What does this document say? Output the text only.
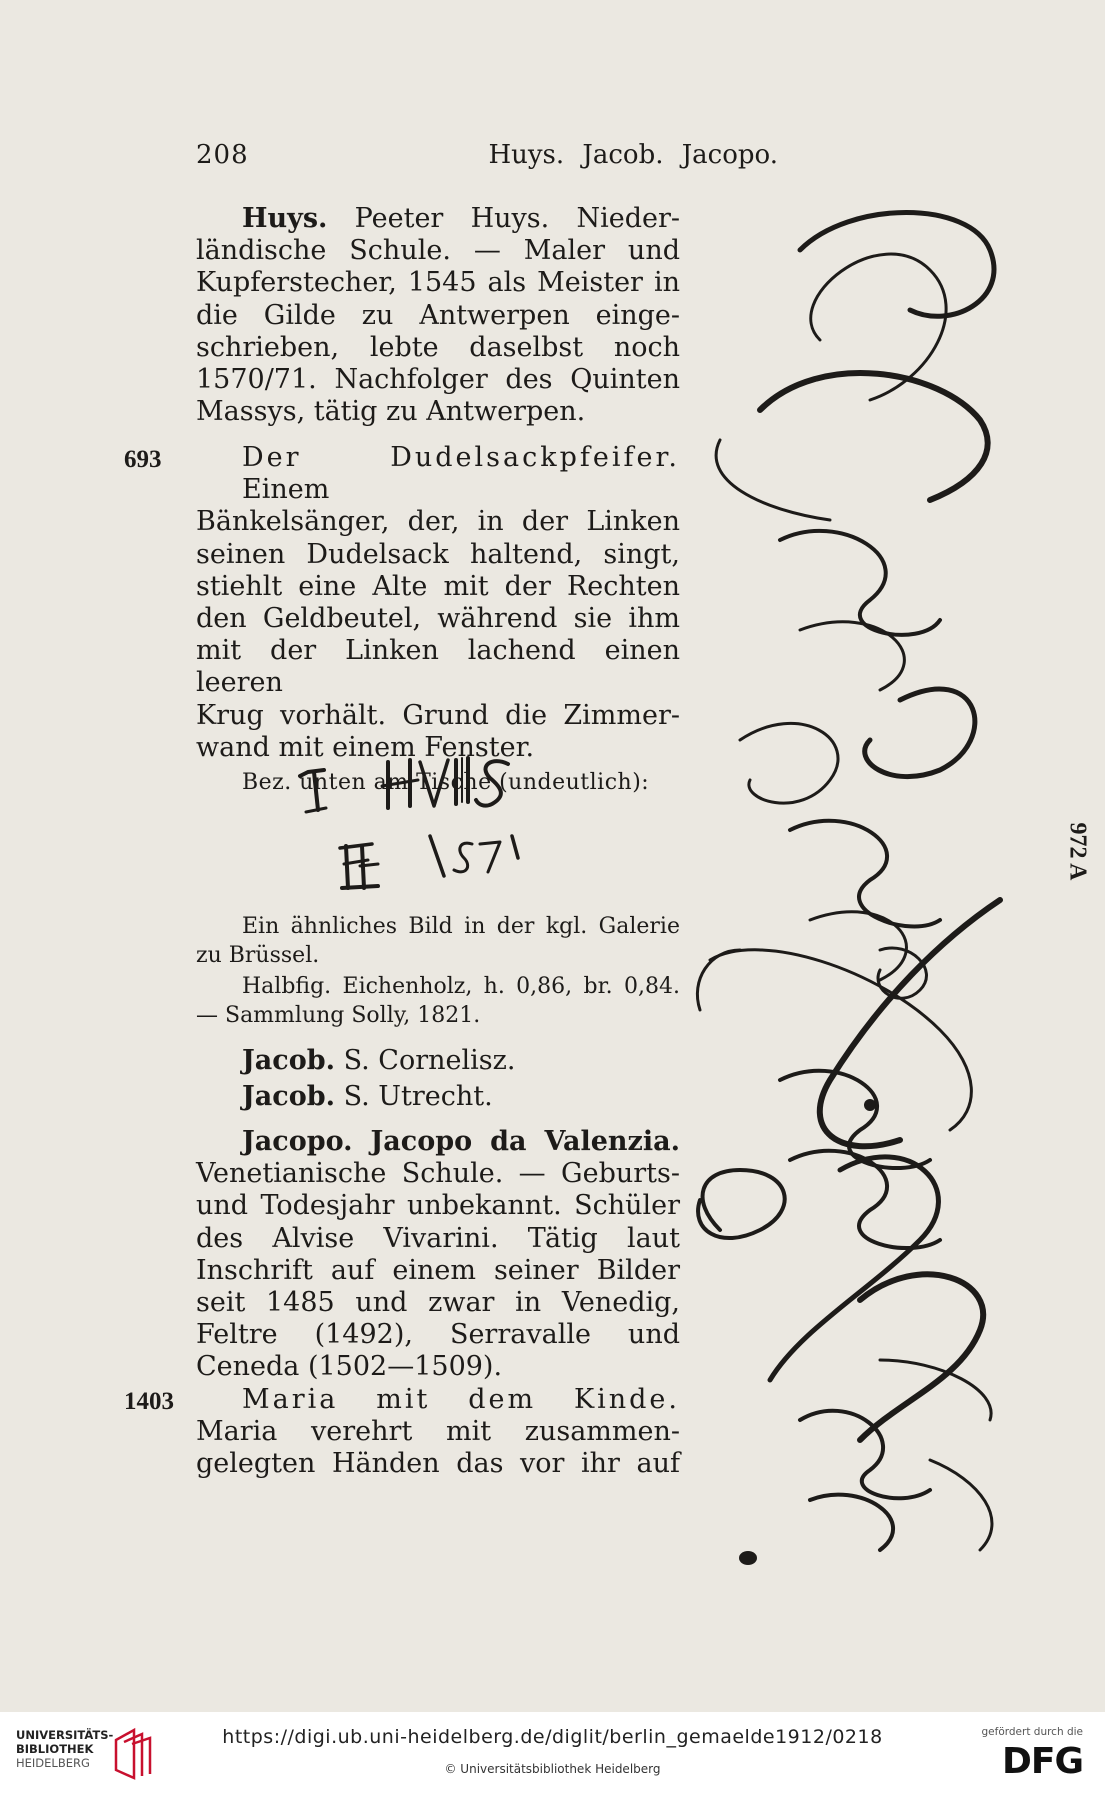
208	Huys. Jacob. Jacopo.

Huys. Peeter Huys. Nieder-

ländische Schule. — Maler und

Kupferstecher, 1545 als Meister in

die Gilde zu Antwerpen einge-

schrieben, lebte daselbst noch

1570/71. Nachfolger des Quinten

Massys, tätig zu Antwerpen.

693	Der Dudelsackpfeifer. Einem

Bänkelsänger, der, in der Linken

seinen Dudelsack haltend, singt,

stiehlt eine Alte mit der Rechten

den Geldbeutel, während sie ihm

mit der Linken lachend einen leeren

Krug vorhält. Grund die Zimmer-

wand mit einem Fenster.

Bez. unten am Tische (undeutlich):

Ein ähnliches Bild in der kgl. Galerie

zu Brüssel.

Halbfig. Eichenholz, h. 0,86, br. 0,84.

— Sammlung Solly, 1821.

Jacob. S. Cornelisz.

Jacob. S. Utrecht.

Jacopo. Jacopo da Valenzia.

Venetianische Schule. — Geburts-

und Todesjahr unbekannt. Schüler

des Alvise Vivarini. Tätig laut

Inschrift auf einem seiner Bilder

seit 1485 und zwar in Venedig,

Feltre (1492), Serravalle und

Ceneda (1502—1509).

1403	Maria mit dem Kinde.

Maria verehrt mit zusammen-

gelegten Händen das vor ihr auf

972 A
UNIVERSITÄTS-
BIBLIOTHEK
HEIDELBERG
https://digi.ub.uni-heidelberg.de/diglit/berlin_gemaelde1912/0218
© Universitätsbibliothek Heidelberg
gefördert durch die
DFG
